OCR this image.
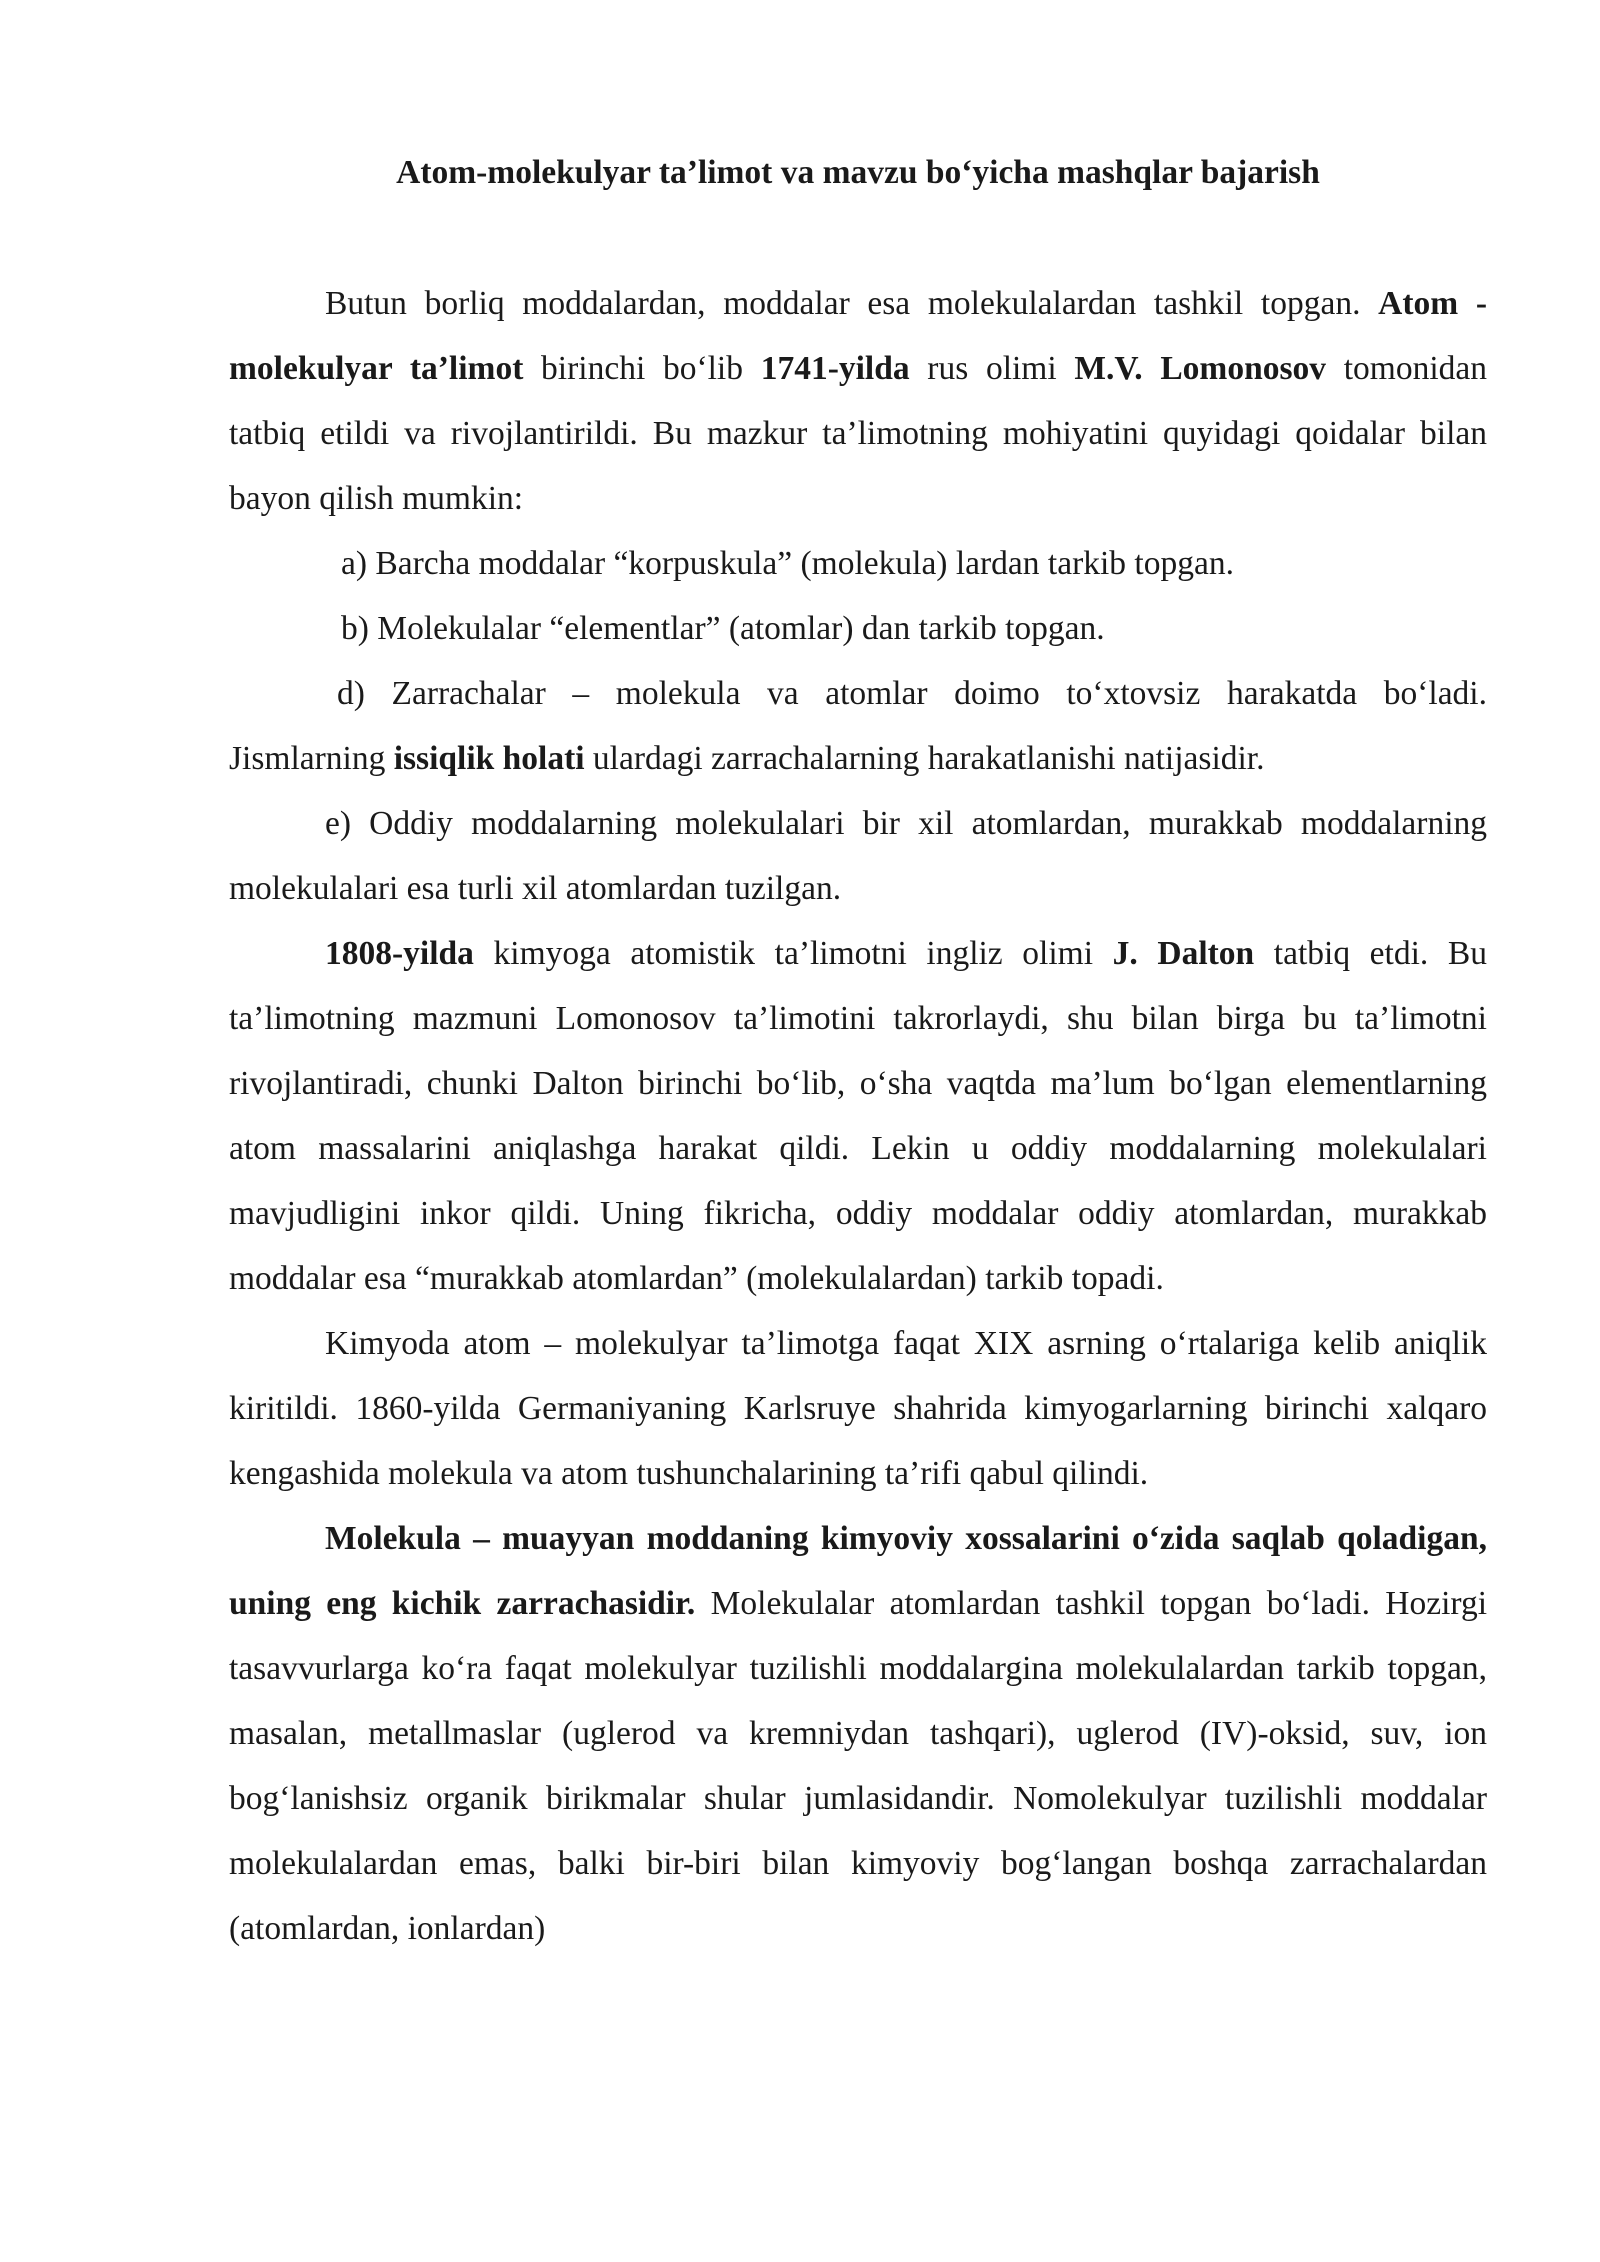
Atom-molekulyar ta’limot va mavzu bo‘yicha mashqlar bajarish

Butun borliq moddalardan, moddalar esa molekulalardan tashkil topgan. Atom - molekulyar ta’limot birinchi bo‘lib 1741-yilda rus olimi M.V. Lomonosov tomonidan tatbiq etildi va rivojlantirildi. Bu mazkur ta’limotning mohiyatini quyidagi qoidalar bilan bayon qilish mumkin:

a) Barcha moddalar “korpuskula” (molekula) lardan tarkib topgan.

b) Molekulalar “elementlar” (atomlar) dan tarkib topgan.

d) Zarrachalar – molekula va atomlar doimo to‘xtovsiz harakatda bo‘ladi. Jismlarning issiqlik holati ulardagi zarrachalarning harakatlanishi natijasidir.

e) Oddiy moddalarning molekulalari bir xil atomlardan, murakkab moddalarning molekulalari esa turli xil atomlardan tuzilgan.

1808-yilda kimyoga atomistik ta’limotni ingliz olimi J. Dalton tatbiq etdi. Bu ta’limotning mazmuni Lomonosov ta’limotini takrorlaydi, shu bilan birga bu ta’limotni rivojlantiradi, chunki Dalton birinchi bo‘lib, o‘sha vaqtda ma’lum bo‘lgan elementlarning atom massalarini aniqlashga harakat qildi. Lekin u oddiy moddalarning molekulalari mavjudligini inkor qildi. Uning fikricha, oddiy moddalar oddiy atomlardan, murakkab moddalar esa “murakkab atomlardan” (molekulalardan) tarkib topadi.

Kimyoda atom – molekulyar ta’limotga faqat XIX asrning o‘rtalariga kelib aniqlik kiritildi. 1860-yilda Germaniyaning Karlsruye shahrida kimyogarlarning birinchi xalqaro kengashida molekula va atom tushunchalarining ta’rifi qabul qilindi.

Molekula – muayyan moddaning kimyoviy xossalarini o‘zida saqlab qoladigan, uning eng kichik zarrachasidir. Molekulalar atomlardan tashkil topgan bo‘ladi. Hozirgi tasavvurlarga ko‘ra faqat molekulyar tuzilishli moddalargina molekulalardan tarkib topgan, masalan, metallmaslar (uglerod va kremniydan tashqari), uglerod (IV)-oksid, suv, ion bog‘lanishsiz organik birikmalar shular jumlasidandir. Nomolekulyar tuzilishli moddalar molekulalardan emas, balki bir-biri bilan kimyoviy bog‘langan boshqa zarrachalardan (atomlardan, ionlardan)
